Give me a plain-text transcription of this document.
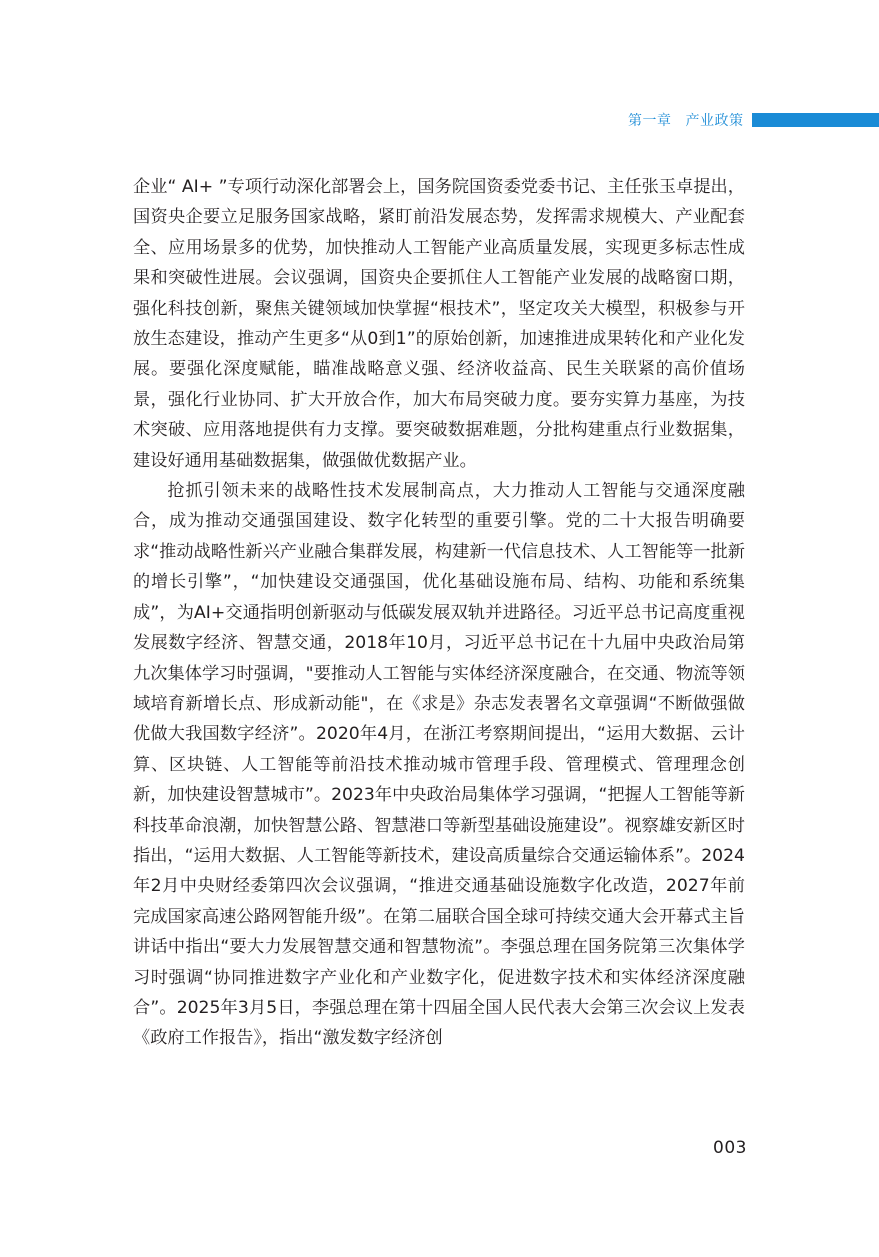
第一章 产业政策

企业“ AI+ ”专项行动深化部署会上，国务院国资委党委书记、主任张玉卓提出，国资央企要立足服务国家战略，紧盯前沿发展态势，发挥需求规模大、产业配套全、应用场景多的优势，加快推动人工智能产业高质量发展，实现更多标志性成果和突破性进展。会议强调，国资央企要抓住人工智能产业发展的战略窗口期，强化科技创新，聚焦关键领域加快掌握“根技术”，坚定攻关大模型，积极参与开放生态建设，推动产生更多“从0到1”的原始创新，加速推进成果转化和产业化发展。要强化深度赋能，瞄准战略意义强、经济收益高、民生关联紧的高价值场景，强化行业协同、扩大开放合作，加大布局突破力度。要夯实算力基座，为技术突破、应用落地提供有力支撑。要突破数据难题，分批构建重点行业数据集，建设好通用基础数据集，做强做优数据产业。

抢抓引领未来的战略性技术发展制高点，大力推动人工智能与交通深度融合，成为推动交通强国建设、数字化转型的重要引擎。党的二十大报告明确要求“推动战略性新兴产业融合集群发展，构建新一代信息技术、人工智能等一批新的增长引擎”，“加快建设交通强国，优化基础设施布局、结构、功能和系统集成”，为AI+交通指明创新驱动与低碳发展双轨并进路径。习近平总书记高度重视发展数字经济、智慧交通，2018年10月，习近平总书记在十九届中央政治局第九次集体学习时强调，"要推动人工智能与实体经济深度融合，在交通、物流等领域培育新增长点、形成新动能"，在《求是》杂志发表署名文章强调“不断做强做优做大我国数字经济”。2020年4月，在浙江考察期间提出，“运用大数据、云计算、区块链、人工智能等前沿技术推动城市管理手段、管理模式、管理理念创新，加快建设智慧城市”。2023年中央政治局集体学习强调，“把握人工智能等新科技革命浪潮，加快智慧公路、智慧港口等新型基础设施建设”。视察雄安新区时指出，“运用大数据、人工智能等新技术，建设高质量综合交通运输体系”。2024年2月中央财经委第四次会议强调，“推进交通基础设施数字化改造，2027年前完成国家高速公路网智能升级”。在第二届联合国全球可持续交通大会开幕式主旨讲话中指出“要大力发展智慧交通和智慧物流”。李强总理在国务院第三次集体学习时强调“协同推进数字产业化和产业数字化，促进数字技术和实体经济深度融合”。2025年3月5日，李强总理在第十四届全国人民代表大会第三次会议上发表《政府工作报告》，指出“激发数字经济创

003
